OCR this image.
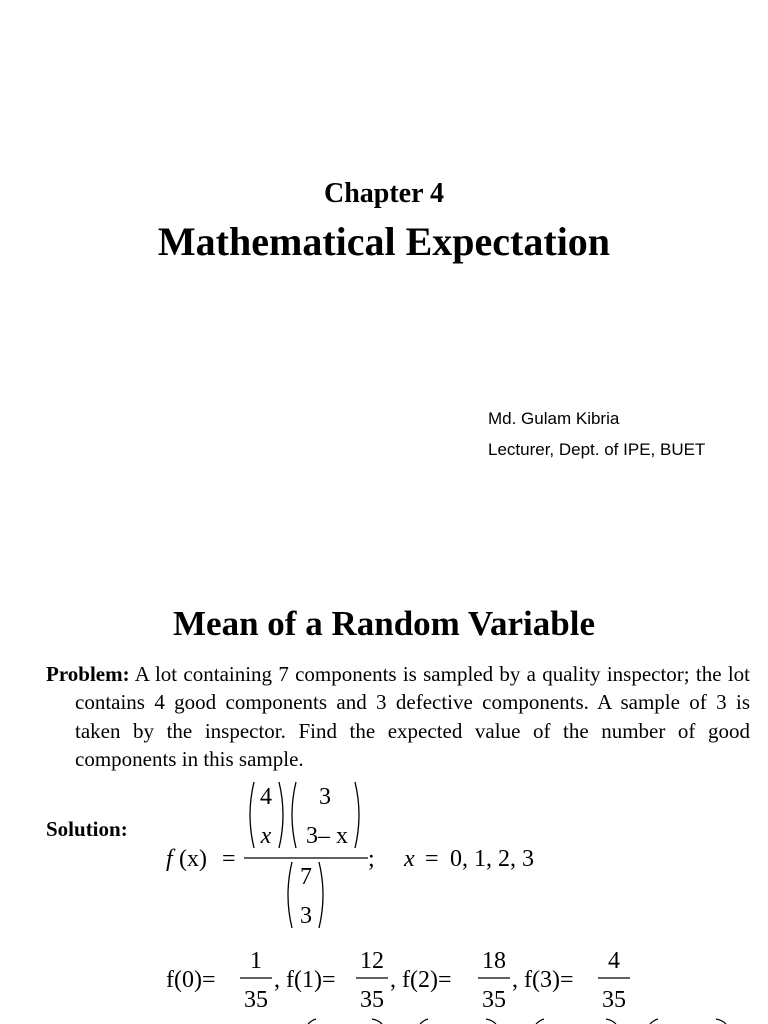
Chapter 4
Mathematical Expectation
Md. Gulam Kibria
Lecturer, Dept. of IPE, BUET
Mean of a Random Variable
Problem: A lot containing 7 components is sampled by a quality inspector; the lot contains 4 good components and 3 defective components. A sample of 3 is taken by the inspector. Find the expected value of the number of good components in this sample.
Solution:
f (x) =
4
x
3
3– x
;
7
3
x = 0, 1, 2, 3
f(0)=
1
35
, f(1)=
12
35
, f(2)=
18
35
, f(3)=
4
35
